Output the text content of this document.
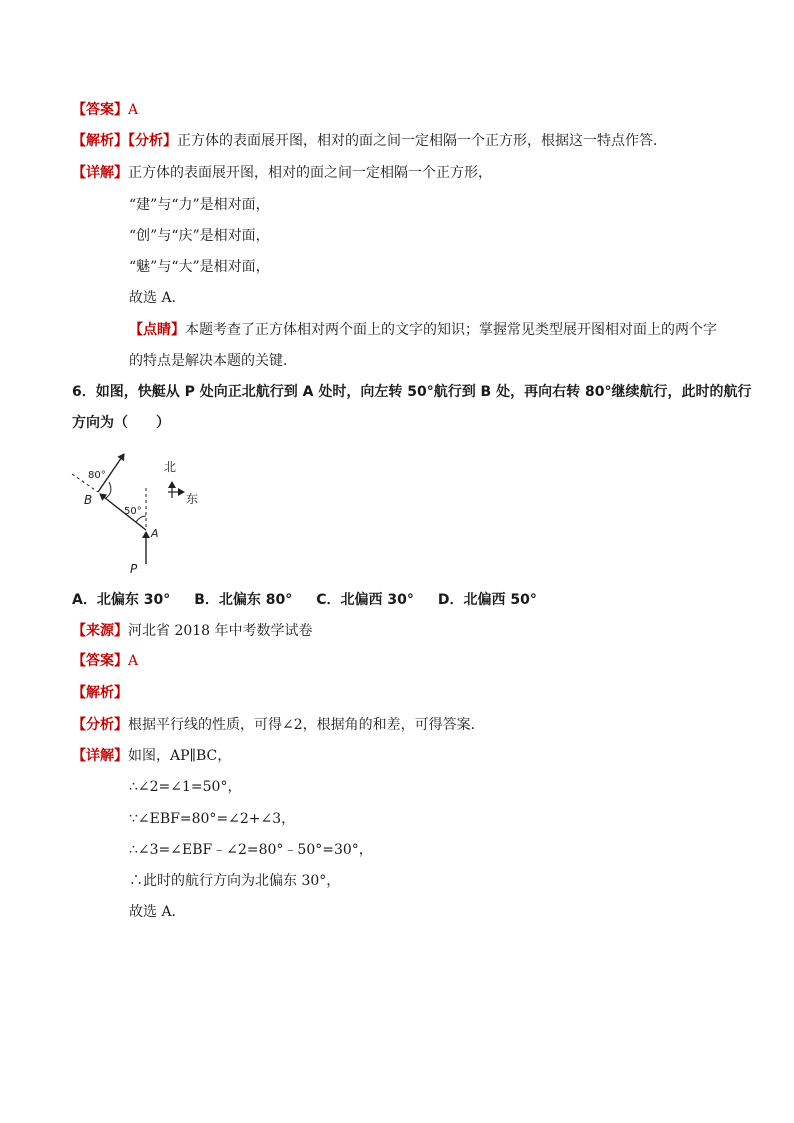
【答案】A
【解析】【分析】正方体的表面展开图，相对的面之间一定相隔一个正方形，根据这一特点作答．
【详解】正方体的表面展开图，相对的面之间一定相隔一个正方形，
“建”与“力”是相对面，
“创”与“庆”是相对面，
“魅”与“大”是相对面，
故选 A．
【点睛】本题考查了正方体相对两个面上的文字的知识；掌握常见类型展开图相对面上的两个字
的特点是解决本题的关键．
6．如图，快艇从 P 处向正北航行到 A 处时，向左转 50°航行到 B 处，再向右转 80°继续航行，此时的航行
方向为（　　）
80°
50°
B
A
P
北
东
A．北偏东 30° B．北偏东 80° C．北偏西 30° D．北偏西 50°
【来源】河北省 2018 年中考数学试卷
【答案】A
【解析】
【分析】根据平行线的性质，可得∠2，根据角的和差，可得答案．
【详解】如图，AP∥BC，
∴∠2=∠1=50°，
∵∠EBF=80°=∠2+∠3，
∴∠3=∠EBF﹣∠2=80°﹣50°=30°，
∴此时的航行方向为北偏东 30°，
故选 A．
